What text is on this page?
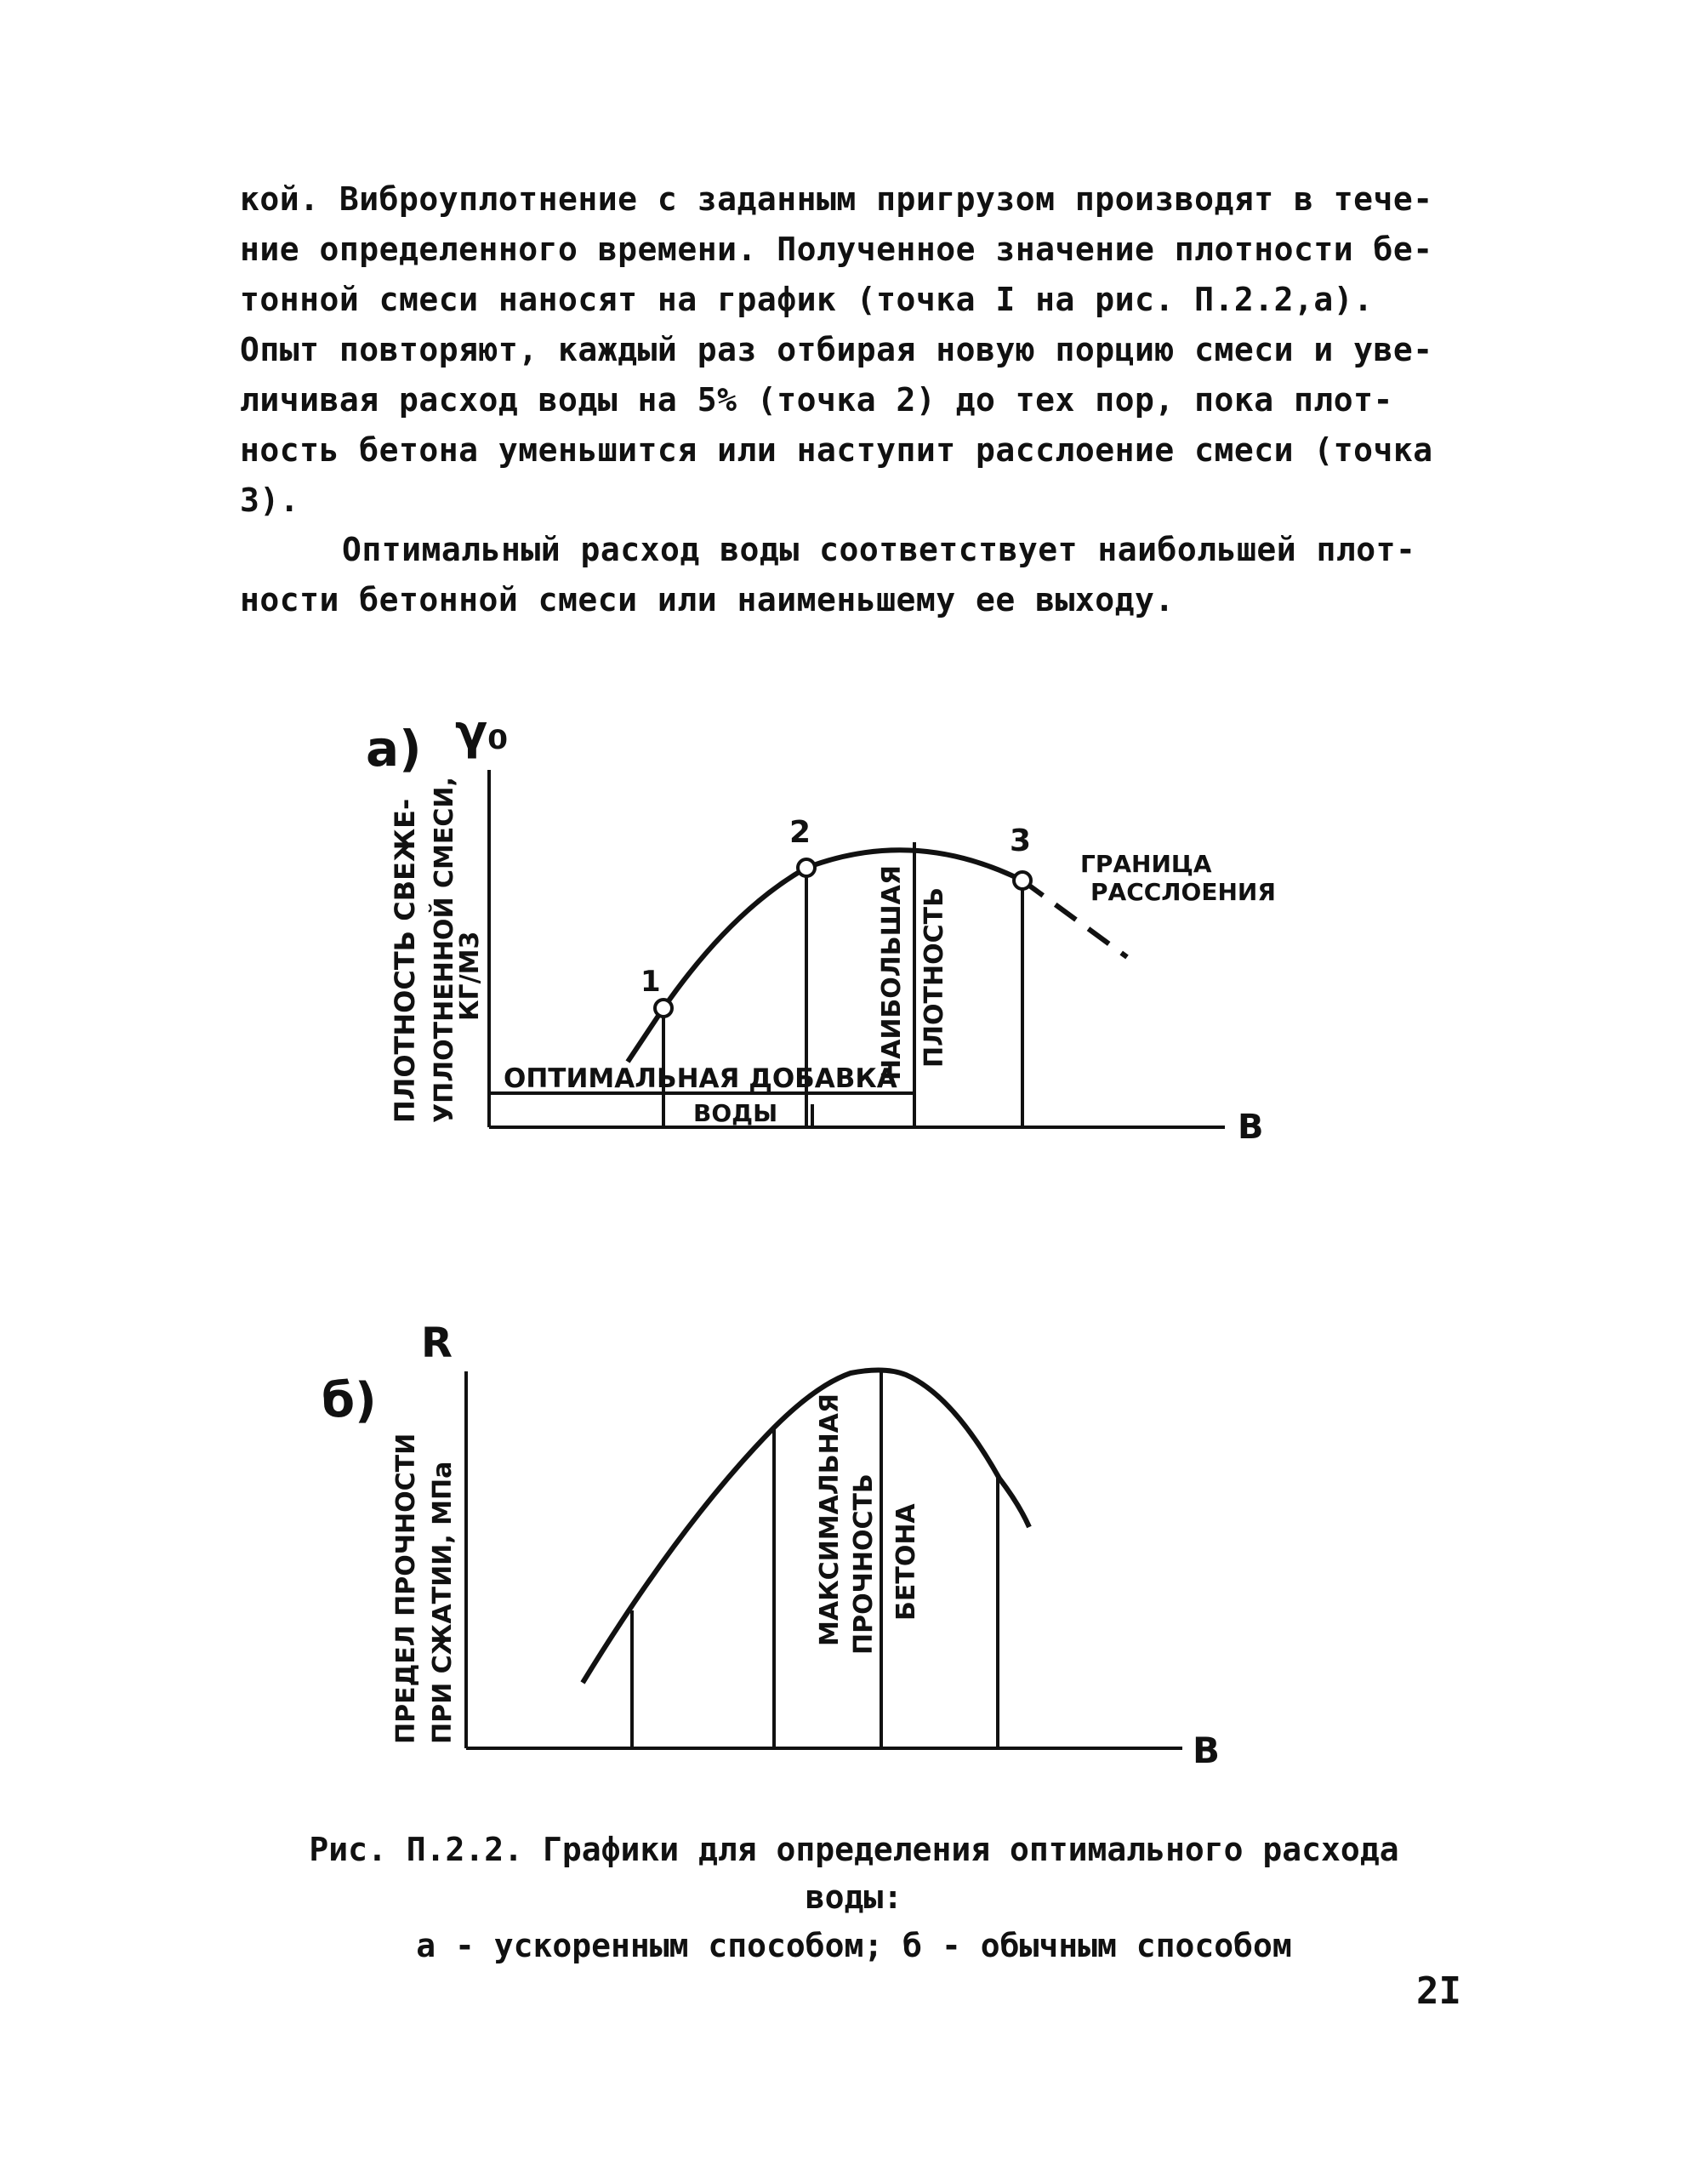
кой. Виброуплотнение с заданным пригрузом производят в тече-
ние определенного времени. Полученное значение плотности бе-
тонной смеси наносят на график (точка I на рис. П.2.2,а).
Опыт повторяют, каждый раз отбирая новую порцию смеси и уве-
личивая расход воды на 5% (точка 2) до тех пор, пока плот-
ность бетона уменьшится или наступит расслоение смеси (точка
3).
Оптимальный расход воды соответствует наибольшей плот-
ности бетонной смеси или наименьшему ее выходу.
а) γ₀
В
1
2	3
ГРАНИЦА
РАССЛОЕНИЯ
НАИБОЛЬШАЯ ПЛОТНОСТЬ
ПЛОТНОСТЬ СВЕЖЕ- УПЛОТНЕННОЙ СМЕСИ,
КГ/М3
ОПТИМАЛЬНАЯ ДОБАВКА
ВОДЫ
б)
R
В
МАКСИМАЛЬНАЯ ПРОЧНОСТЬ БЕТОНА
ПРЕДЕЛ ПРОЧНОСТИ ПРИ СЖАТИИ, МПа
Рис. П.2.2. Графики для определения оптимального расхода
воды:
а - ускоренным способом; б - обычным способом
2I
